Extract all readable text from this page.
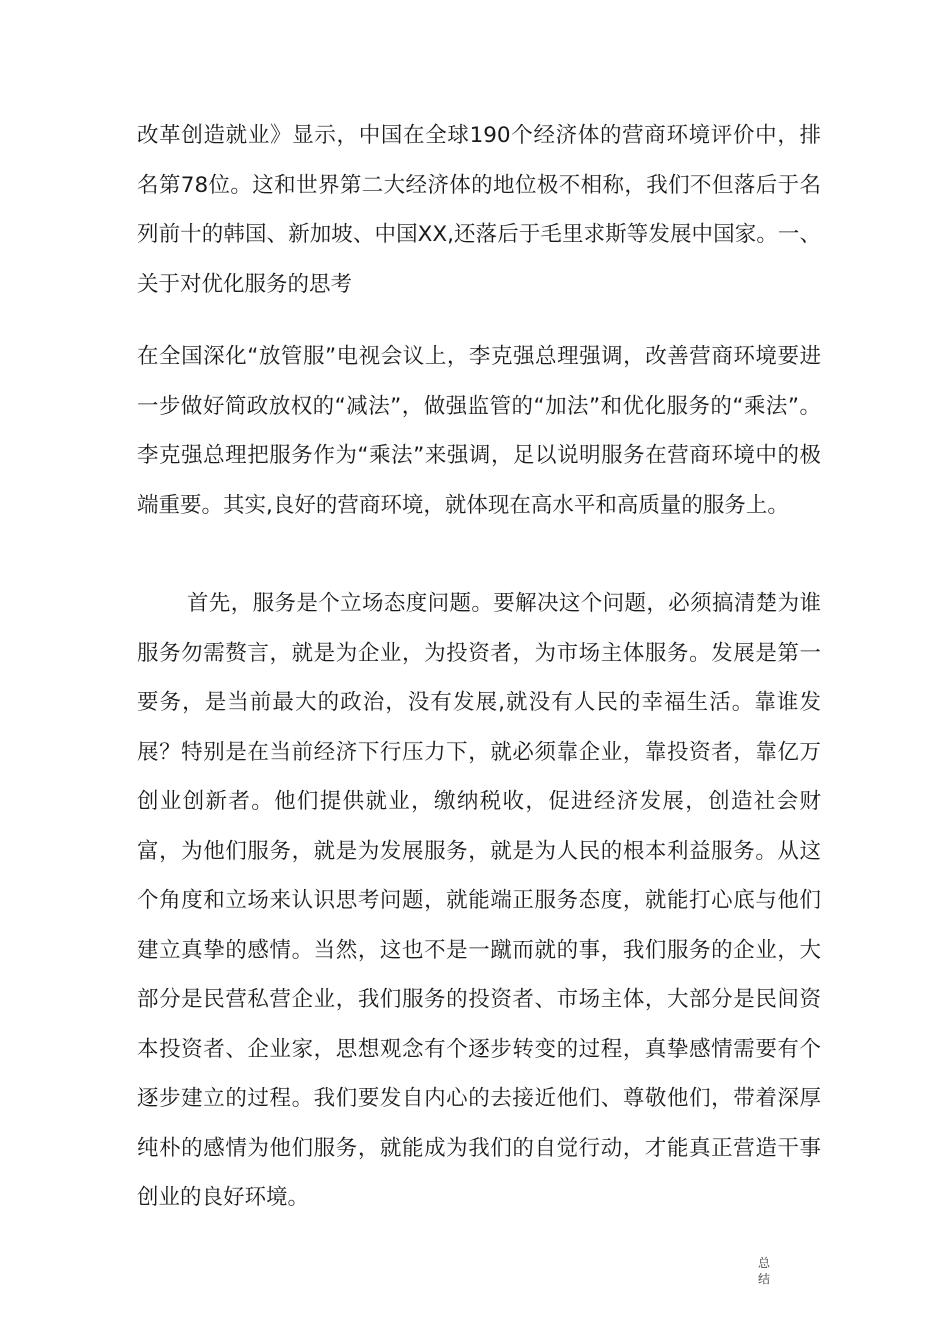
改革创造就业》显示，中国在全球190个经济体的营商环境评价中，排名第78位。这和世界第二大经济体的地位极不相称，我们不但落后于名列前十的韩国、新加坡、中国XX,还落后于毛里求斯等发展中国家。一、关于对优化服务的思考
在全国深化“放管服”电视会议上，李克强总理强调，改善营商环境要进一步做好简政放权的“减法”，做强监管的“加法”和优化服务的“乘法”。李克强总理把服务作为“乘法”来强调，足以说明服务在营商环境中的极端重要。其实,良好的营商环境，就体现在高水平和高质量的服务上。
首先，服务是个立场态度问题。要解决这个问题，必须搞清楚为谁服务勿需赘言，就是为企业，为投资者，为市场主体服务。发展是第一要务，是当前最大的政治，没有发展,就没有人民的幸福生活。靠谁发展？特别是在当前经济下行压力下，就必须靠企业，靠投资者，靠亿万创业创新者。他们提供就业，缴纳税收，促进经济发展，创造社会财富，为他们服务，就是为发展服务，就是为人民的根本利益服务。从这个角度和立场来认识思考问题，就能端正服务态度，就能打心底与他们建立真挚的感情。当然，这也不是一蹴而就的事，我们服务的企业，大部分是民营私营企业，我们服务的投资者、市场主体，大部分是民间资本投资者、企业家，思想观念有个逐步转变的过程，真挚感情需要有个逐步建立的过程。我们要发自内心的去接近他们、尊敬他们，带着深厚纯朴的感情为他们服务，就能成为我们的自觉行动，才能真正营造干事创业的良好环境。
总结
